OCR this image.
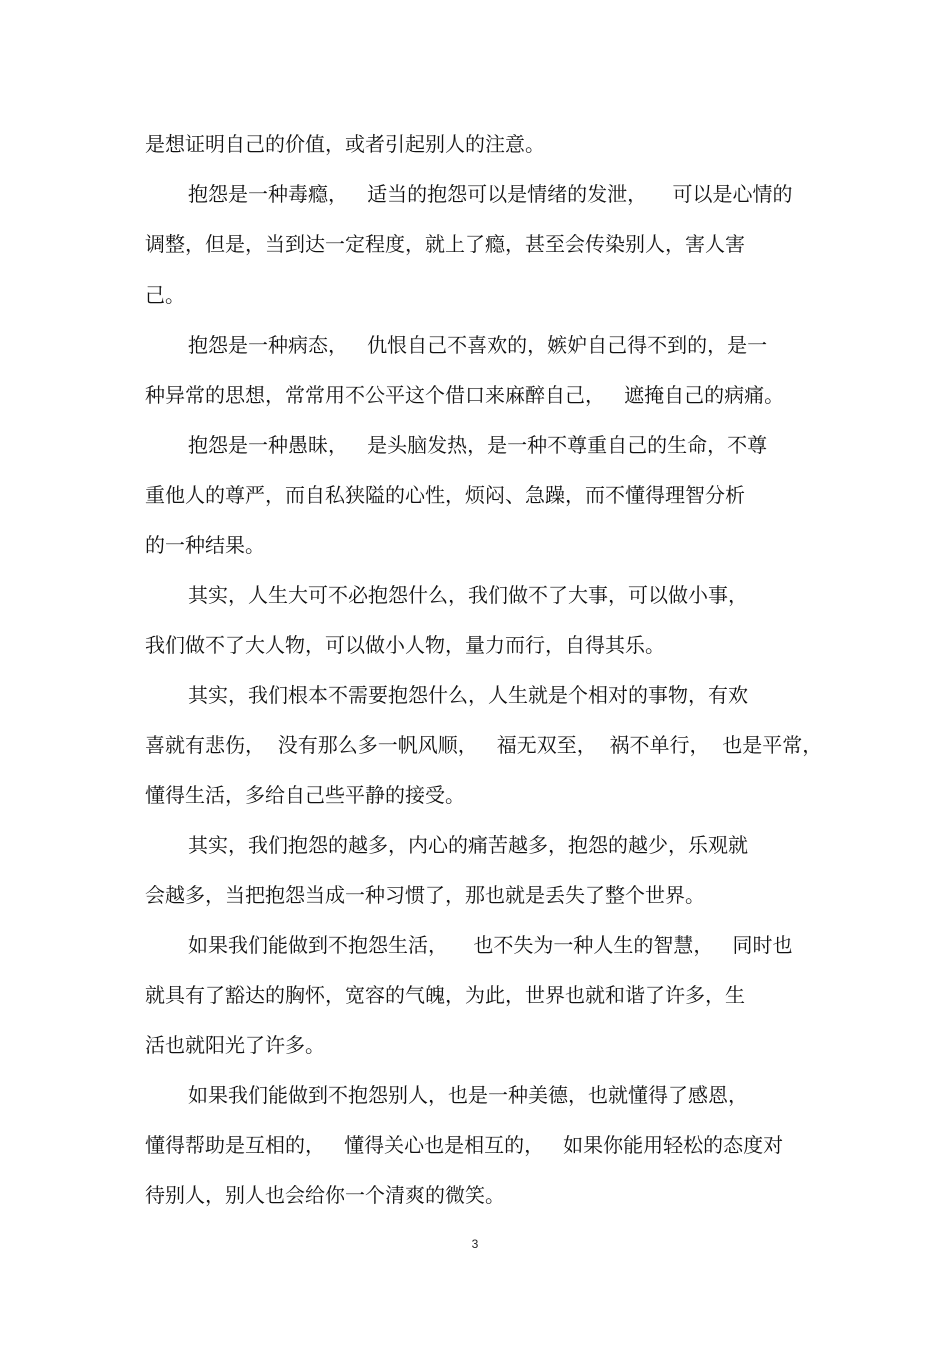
是想证明自己的价值，或者引起别人的注意。
抱怨是一种毒瘾，   适当的抱怨可以是情绪的发泄，    可以是心情的
调整，但是，当到达一定程度，就上了瘾，甚至会传染别人，害人害
己。
抱怨是一种病态，   仇恨自己不喜欢的，嫉妒自己得不到的，是一
种异常的思想，常常用不公平这个借口来麻醉自己，   遮掩自己的病痛。
抱怨是一种愚昧，   是头脑发热，是一种不尊重自己的生命，不尊
重他人的尊严，而自私狭隘的心性，烦闷、急躁，而不懂得理智分析
的一种结果。
其实，人生大可不必抱怨什么，我们做不了大事，可以做小事，
我们做不了大人物，可以做小人物，量力而行，自得其乐。
其实，我们根本不需要抱怨什么，人生就是个相对的事物，有欢
喜就有悲伤，  没有那么多一帆风顺，   福无双至，  祸不单行，  也是平常，
懂得生活，多给自己些平静的接受。
其实，我们抱怨的越多，内心的痛苦越多，抱怨的越少，乐观就
会越多，当把抱怨当成一种习惯了，那也就是丢失了整个世界。
如果我们能做到不抱怨生活，    也不失为一种人生的智慧，   同时也
就具有了豁达的胸怀，宽容的气魄，为此，世界也就和谐了许多，生
活也就阳光了许多。
如果我们能做到不抱怨别人，也是一种美德，也就懂得了感恩，
懂得帮助是互相的，   懂得关心也是相互的，   如果你能用轻松的态度对
待别人，别人也会给你一个清爽的微笑。
3
